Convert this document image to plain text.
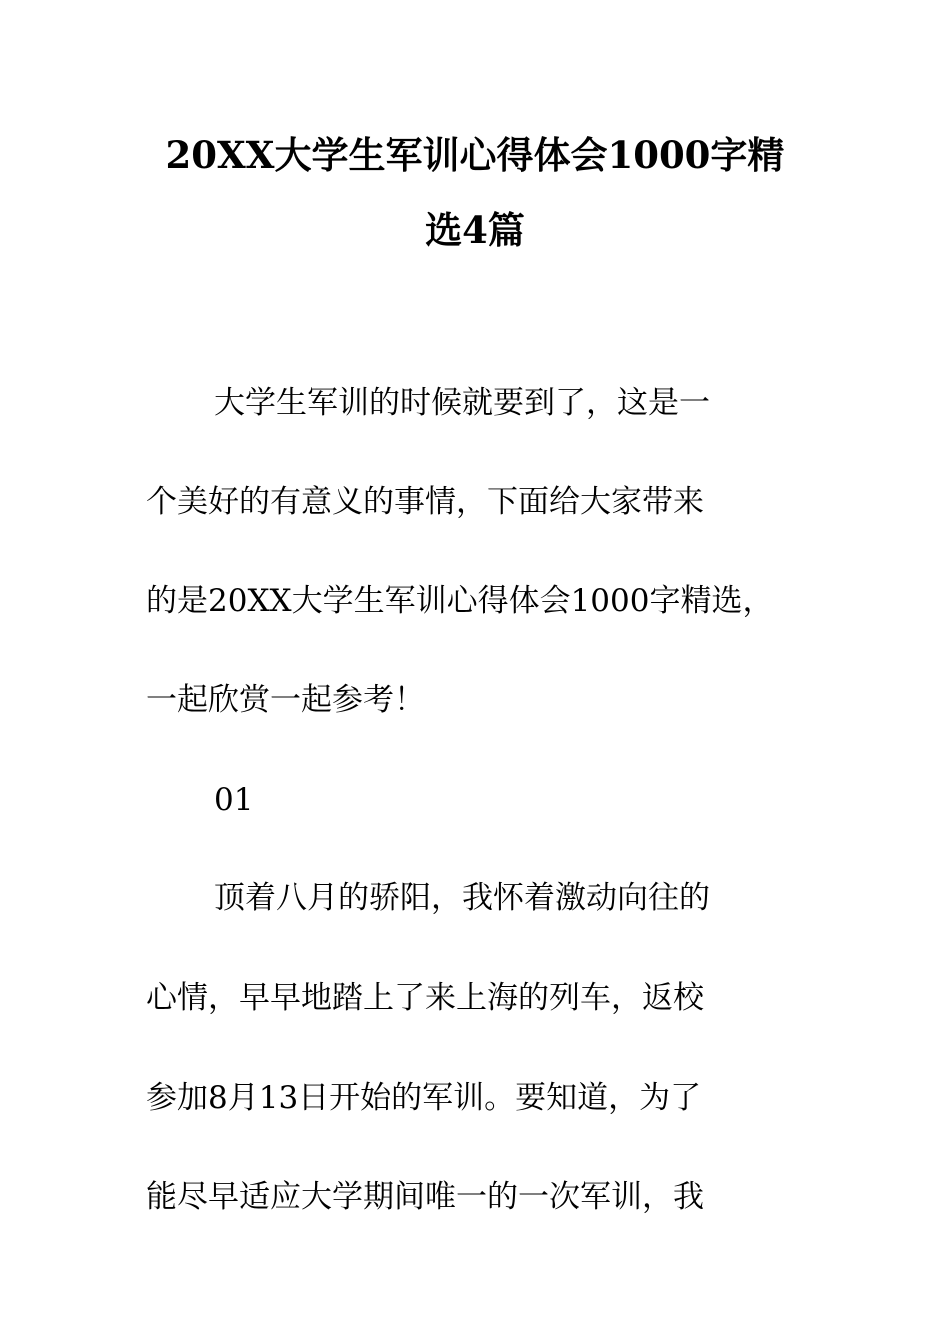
20XX大学生军训心得体会1000字精
选4篇
大学生军训的时候就要到了，这是一
个美好的有意义的事情，下面给大家带来
的是20XX大学生军训心得体会1000字精选，
一起欣赏一起参考！
01
顶着八月的骄阳，我怀着激动向往的
心情，早早地踏上了来上海的列车，返校
参加8月13日开始的军训。要知道，为了
能尽早适应大学期间唯一的一次军训，我
